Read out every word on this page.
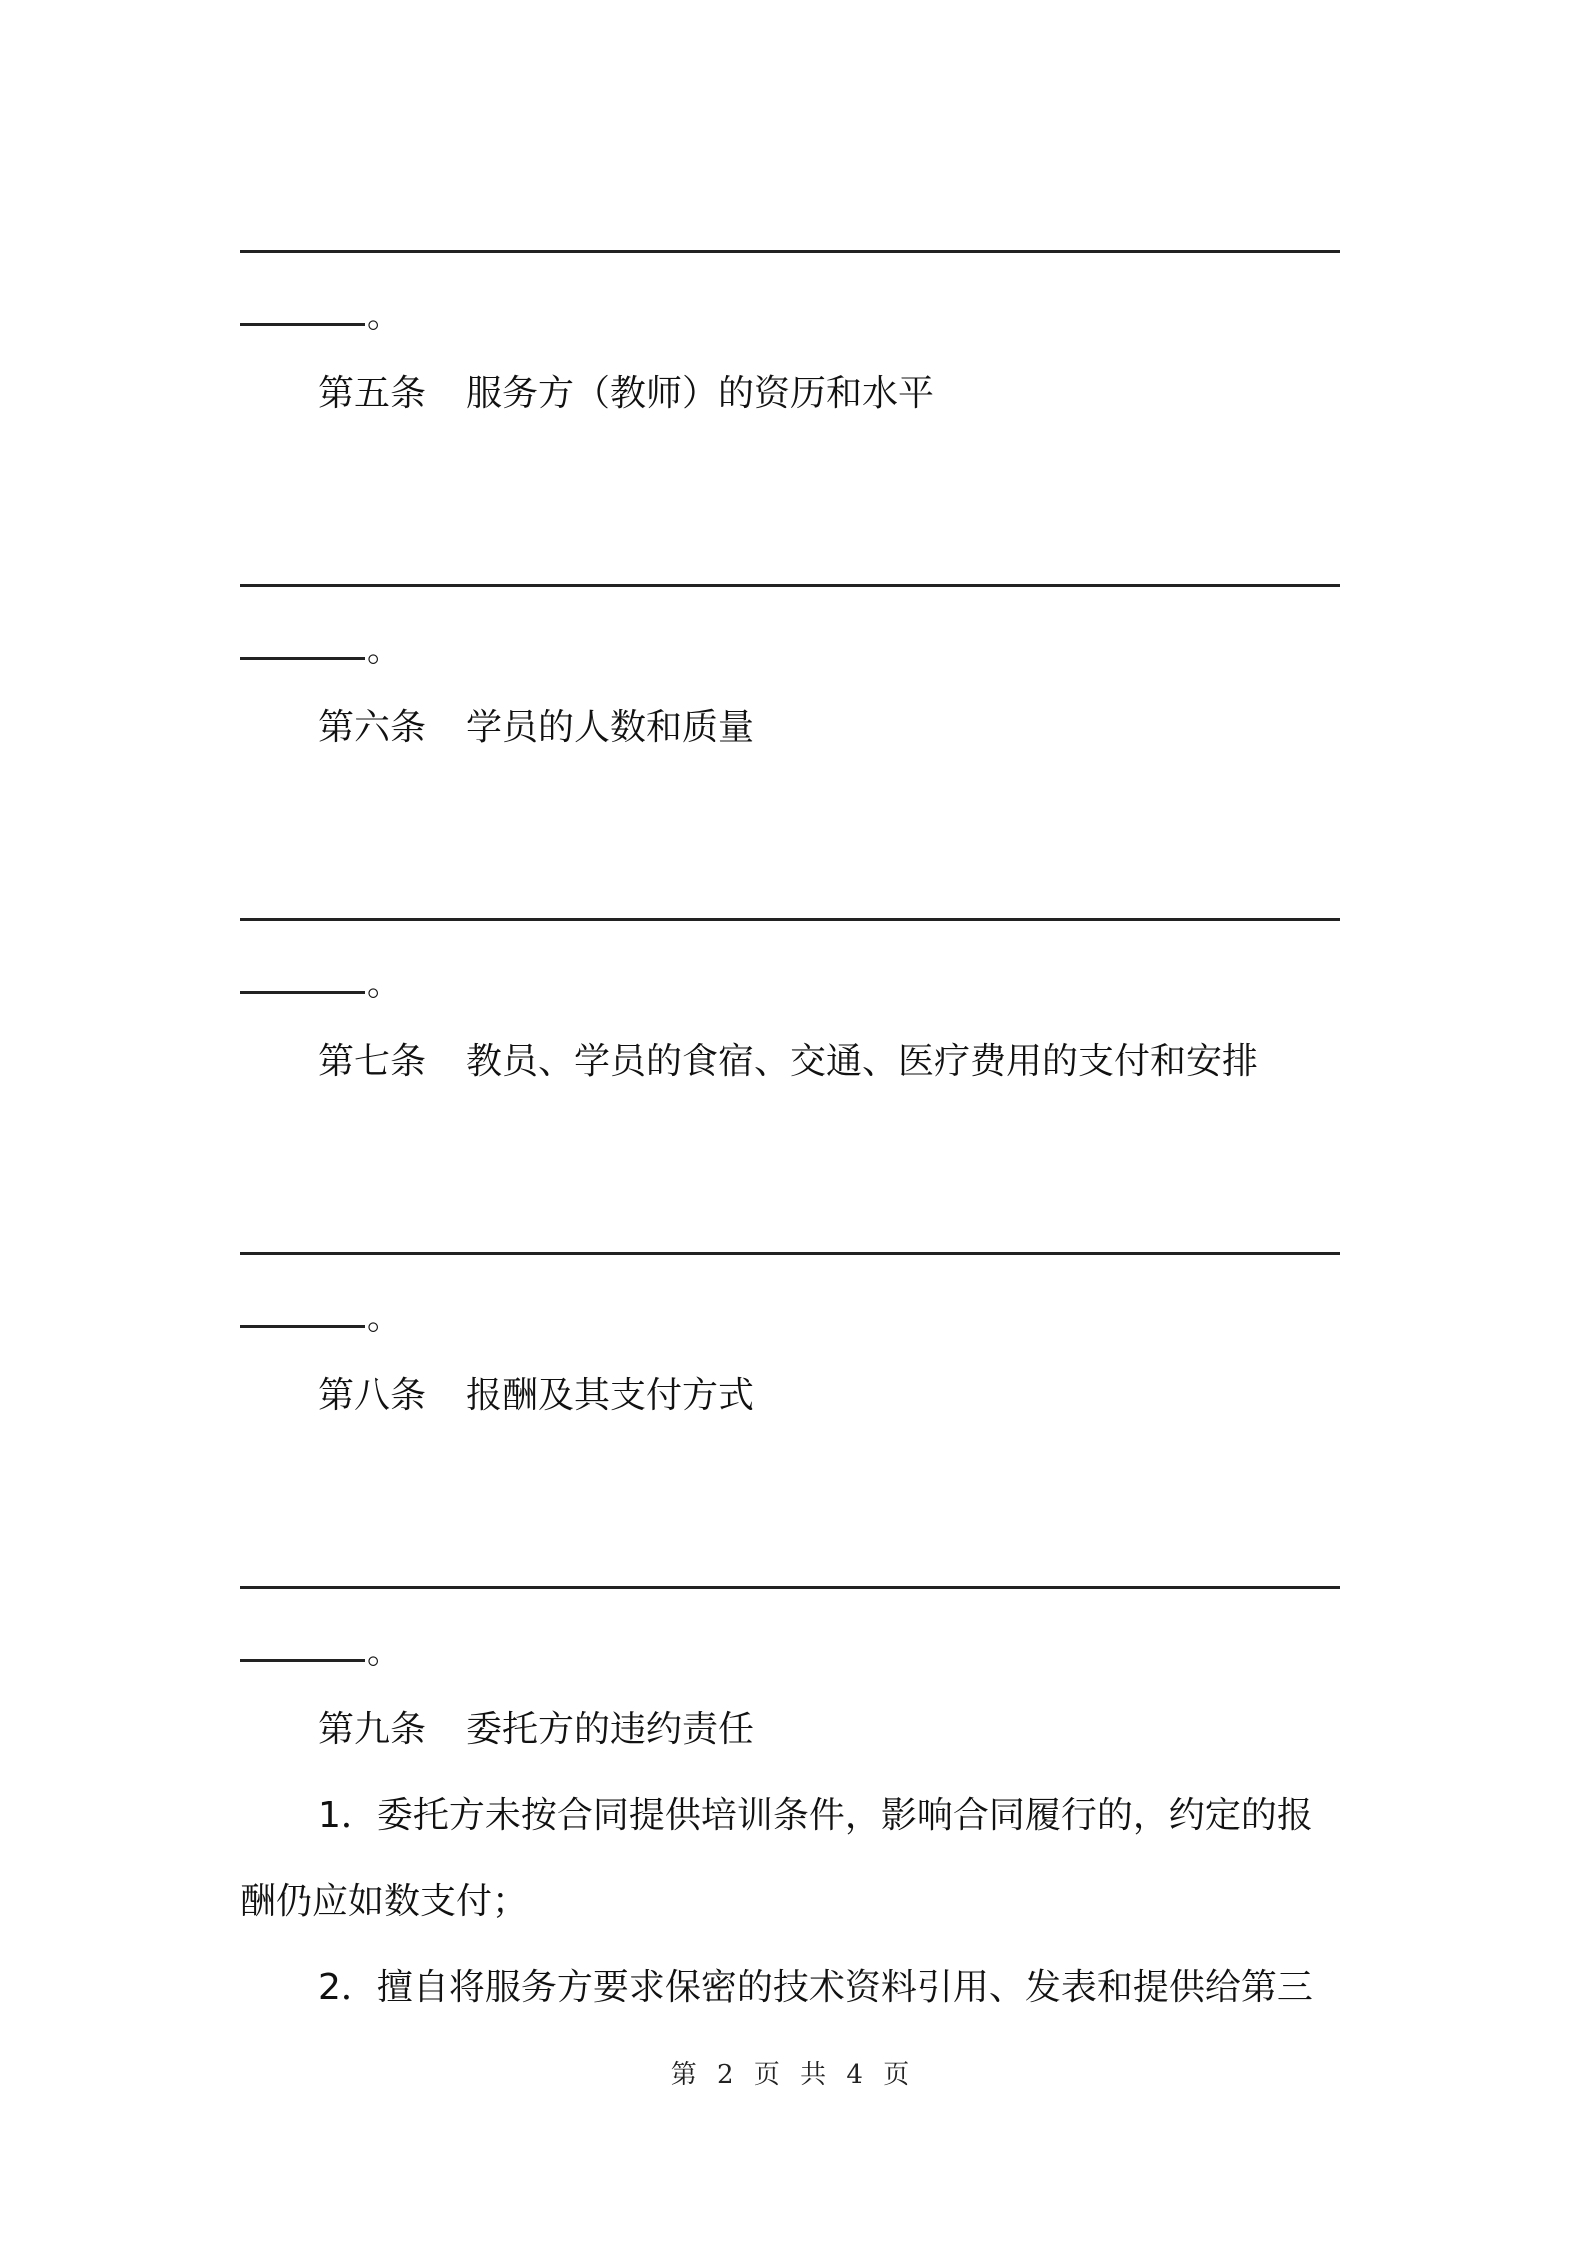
。
第五条 服务方（教师）的资历和水平
。
第六条 学员的人数和质量
。
第七条 教员、学员的食宿、交通、医疗费用的支付和安排
。
第八条 报酬及其支付方式
。
第九条 委托方的违约责任
1．委托方未按合同提供培训条件，影响合同履行的，约定的报
酬仍应如数支付；
2．擅自将服务方要求保密的技术资料引用、发表和提供给第三
第 2 页 共 4 页
